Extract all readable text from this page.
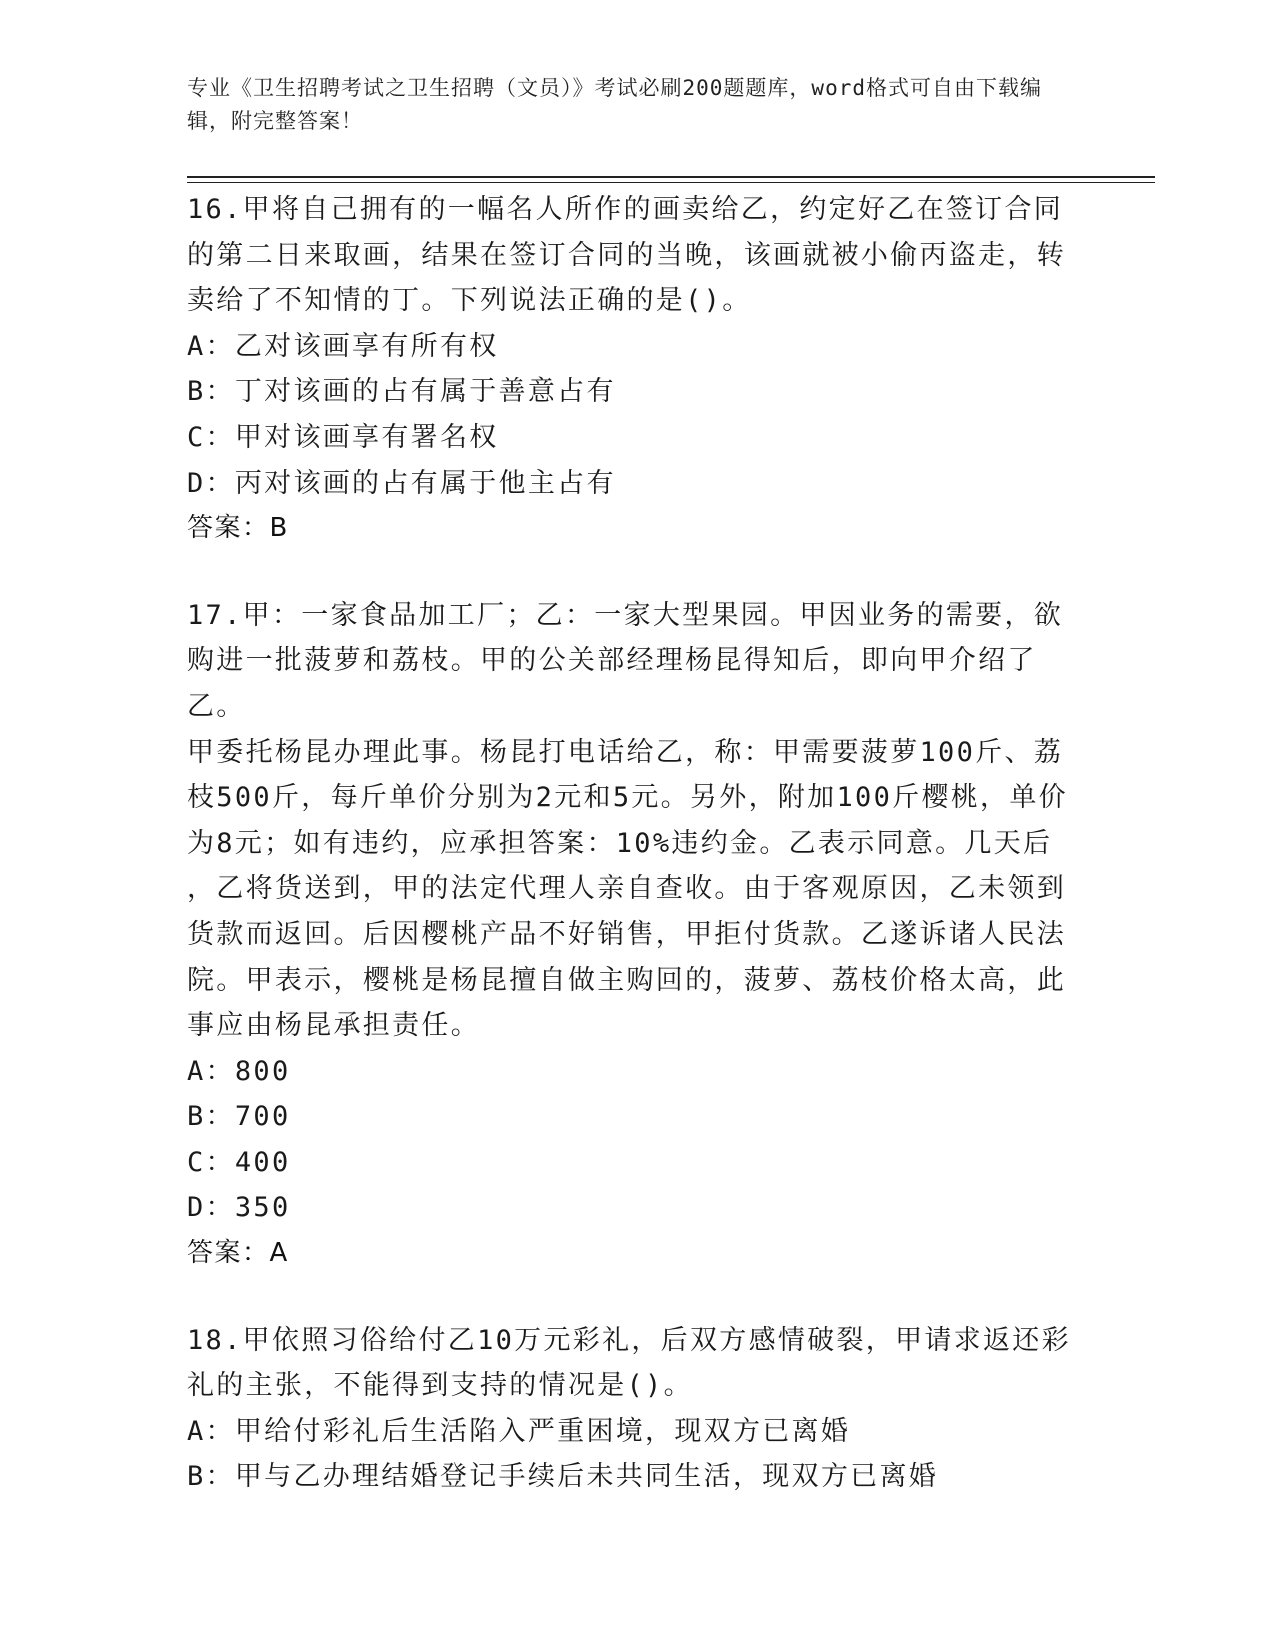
专业《卫生招聘考试之卫生招聘（文员）》考试必刷200题题库，word格式可自由下载编辑，附完整答案！
16.甲将自己拥有的一幅名人所作的画卖给乙，约定好乙在签订合同的第二日来取画，结果在签订合同的当晚，该画就被小偷丙盗走，转卖给了不知情的丁。下列说法正确的是()。
A：乙对该画享有所有权
B：丁对该画的占有属于善意占有
C：甲对该画享有署名权
D：丙对该画的占有属于他主占有
答案：B
17.甲：一家食品加工厂；乙：一家大型果园。甲因业务的需要，欲购进一批菠萝和荔枝。甲的公关部经理杨昆得知后，即向甲介绍了乙。
甲委托杨昆办理此事。杨昆打电话给乙，称：甲需要菠萝100斤、荔枝500斤，每斤单价分别为2元和5元。另外，附加100斤樱桃，单价为8元；如有违约，应承担答案：10%违约金。乙表示同意。几天后
，乙将货送到，甲的法定代理人亲自查收。由于客观原因，乙未领到货款而返回。后因樱桃产品不好销售，甲拒付货款。乙遂诉诸人民法院。甲表示，樱桃是杨昆擅自做主购回的，菠萝、荔枝价格太高，此事应由杨昆承担责任。
A：800
B：700
C：400
D：350
答案：A
18.甲依照习俗给付乙10万元彩礼，后双方感情破裂，甲请求返还彩礼的主张，不能得到支持的情况是()。
A：甲给付彩礼后生活陷入严重困境，现双方已离婚
B：甲与乙办理结婚登记手续后未共同生活，现双方已离婚
